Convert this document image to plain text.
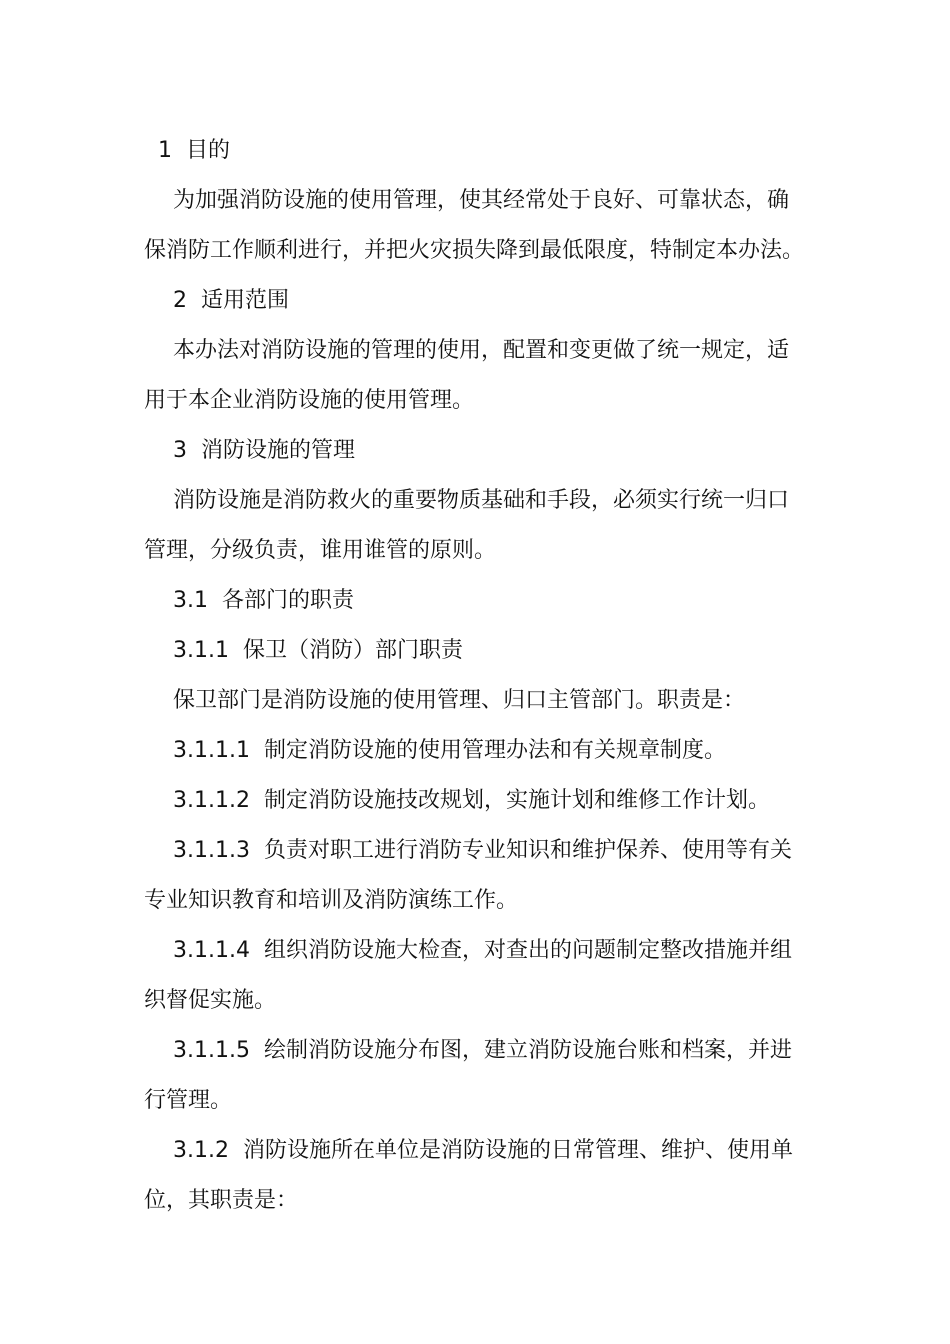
1 目的
为加强消防设施的使用管理，使其经常处于良好、可靠状态，确
保消防工作顺利进行，并把火灾损失降到最低限度，特制定本办法。
2 适用范围
本办法对消防设施的管理的使用，配置和变更做了统一规定，适
用于本企业消防设施的使用管理。
3 消防设施的管理
消防设施是消防救火的重要物质基础和手段，必须实行统一归口
管理，分级负责，谁用谁管的原则。
3.1 各部门的职责
3.1.1 保卫（消防）部门职责
保卫部门是消防设施的使用管理、归口主管部门。职责是：
3.1.1.1 制定消防设施的使用管理办法和有关规章制度。
3.1.1.2 制定消防设施技改规划，实施计划和维修工作计划。
3.1.1.3 负责对职工进行消防专业知识和维护保养、使用等有关
专业知识教育和培训及消防演练工作。
3.1.1.4 组织消防设施大检查，对查出的问题制定整改措施并组
织督促实施。
3.1.1.5 绘制消防设施分布图，建立消防设施台账和档案，并进
行管理。
3.1.2 消防设施所在单位是消防设施的日常管理、维护、使用单
位，其职责是：
